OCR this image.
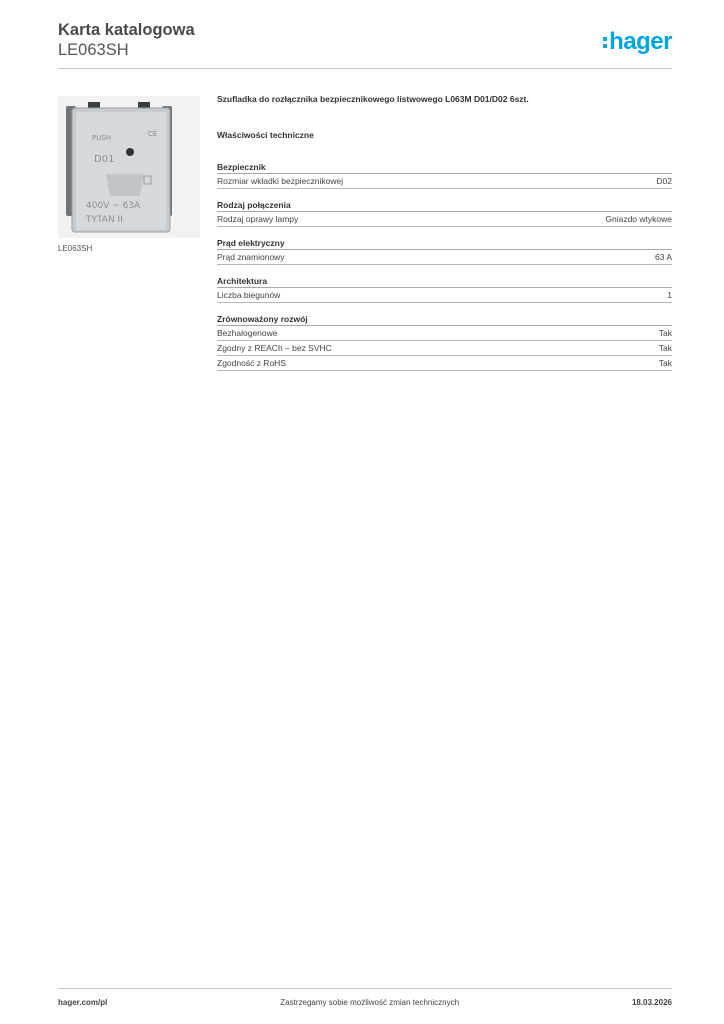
Karta katalogowa
LE063SH	hager
PUSH
D01
CE
400V ~ 63A
TYTAN II
LE063SH
Szufladka do rozłącznika bezpiecznikowego listwowego L063M D01/D02 6szt.
Właściwości techniczne
Bezpiecznik
Rozmiar wkładki bezpiecznikowej	D02
Rodzaj połączenia
Rodzaj oprawy lampy	Gniazdo wtykowe
Prąd elektryczny
Prąd znamionowy	63 A
Architektura
Liczba biegunów	1
Zrównoważony rozwój
Bezhalogenowe	Tak
Zgodny z REACh – bez SVHC	Tak
Zgodność z RoHS	Tak
hager.com/pl	Zastrzegamy sobie możliwość zmian technicznych	18.03.2026
